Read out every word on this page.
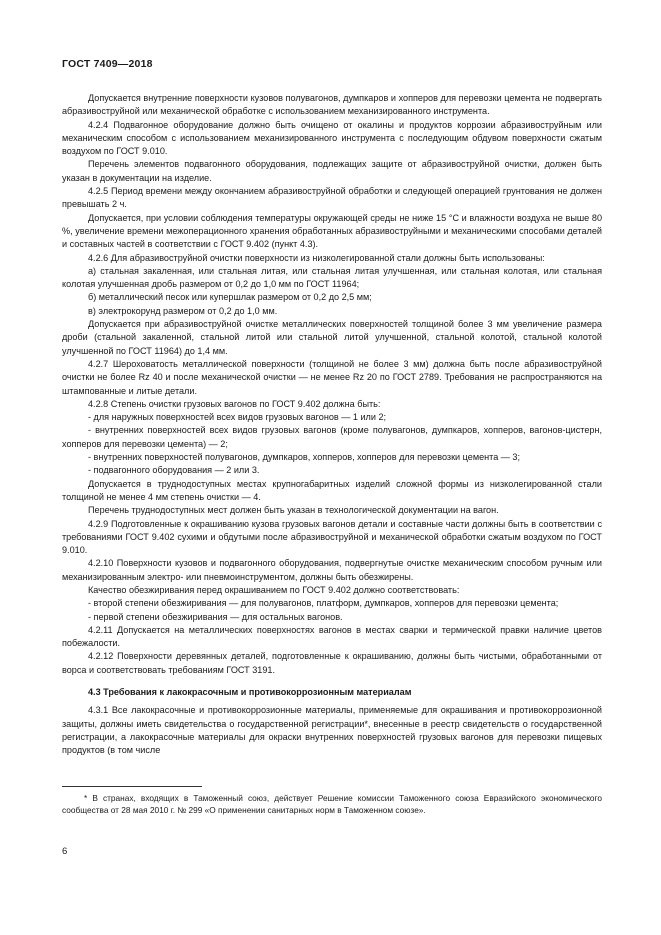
ГОСТ 7409—2018

Допускается внутренние поверхности кузовов полувагонов, думпкаров и хопперов для перевозки цемента не подвергать абразивоструйной или механической обработке с использованием механизированного инструмента.

4.2.4 Подвагонное оборудование должно быть очищено от окалины и продуктов коррозии абразивоструйным или механическим способом с использованием механизированного инструмента с последующим обдувом поверхности сжатым воздухом по ГОСТ 9.010.

Перечень элементов подвагонного оборудования, подлежащих защите от абразивоструйной очистки, должен быть указан в документации на изделие.

4.2.5 Период времени между окончанием абразивоструйной обработки и следующей операцией грунтования не должен превышать 2 ч.

Допускается, при условии соблюдения температуры окружающей среды не ниже 15 °С и влажности воздуха не выше 80 %, увеличение времени межоперационного хранения обработанных абразивоструйными и механическими способами деталей и составных частей в соответствии с ГОСТ 9.402 (пункт 4.3).

4.2.6 Для абразивоструйной очистки поверхности из низколегированной стали должны быть использованы:

а) стальная закаленная, или стальная литая, или стальная литая улучшенная, или стальная колотая, или стальная колотая улучшенная дробь размером от 0,2 до 1,0 мм по ГОСТ 11964;

б) металлический песок или купершлак размером от 0,2 до 2,5 мм;

в) электрокорунд размером от 0,2 до 1,0 мм.

Допускается при абразивоструйной очистке металлических поверхностей толщиной более 3 мм увеличение размера дроби (стальной закаленной, стальной литой или стальной литой улучшенной, стальной колотой, стальной колотой улучшенной по ГОСТ 11964) до 1,4 мм.

4.2.7 Шероховатость металлической поверхности (толщиной не более 3 мм) должна быть после абразивоструйной очистки не более Rz 40 и после механической очистки — не менее Rz 20 по ГОСТ 2789. Требования не распространяются на штампованные и литые детали.

4.2.8 Степень очистки грузовых вагонов по ГОСТ 9.402 должна быть:

- для наружных поверхностей всех видов грузовых вагонов — 1 или 2;

- внутренних поверхностей всех видов грузовых вагонов (кроме полувагонов, думпкаров, хопперов, вагонов-цистерн, хопперов для перевозки цемента) — 2;

- внутренних поверхностей полувагонов, думпкаров, хопперов, хопперов для перевозки цемента — 3;

- подвагонного оборудования — 2 или 3.

Допускается в труднодоступных местах крупногабаритных изделий сложной формы из низколегированной стали толщиной не менее 4 мм степень очистки — 4.

Перечень труднодоступных мест должен быть указан в технологической документации на вагон.

4.2.9 Подготовленные к окрашиванию кузова грузовых вагонов детали и составные части должны быть в соответствии с требованиями ГОСТ 9.402 сухими и обдутыми после абразивоструйной и механической обработки сжатым воздухом по ГОСТ 9.010.

4.2.10 Поверхности кузовов и подвагонного оборудования, подвергнутые очистке механическим способом ручным или механизированным электро- или пневмоинструментом, должны быть обезжирены.

Качество обезжиривания перед окрашиванием по ГОСТ 9.402 должно соответствовать:

- второй степени обезжиривания — для полувагонов, платформ, думпкаров, хопперов для перевозки цемента;

- первой степени обезжиривания — для остальных вагонов.

4.2.11 Допускается на металлических поверхностях вагонов в местах сварки и термической правки наличие цветов побежалости.

4.2.12 Поверхности деревянных деталей, подготовленные к окрашиванию, должны быть чистыми, обработанными от ворса и соответствовать требованиям ГОСТ 3191.

4.3 Требования к лакокрасочным и противокоррозионным материалам

4.3.1 Все лакокрасочные и противокоррозионные материалы, применяемые для окрашивания и противокоррозионной защиты, должны иметь свидетельства о государственной регистрации*, внесенные в реестр свидетельств о государственной регистрации, а лакокрасочные материалы для окраски внутренних поверхностей грузовых вагонов для перевозки пищевых продуктов (в том числе

* В странах, входящих в Таможенный союз, действует Решение комиссии Таможенного союза Евразийского экономического сообщества от 28 мая 2010 г. № 299 «О применении санитарных норм в Таможенном союзе».

6
